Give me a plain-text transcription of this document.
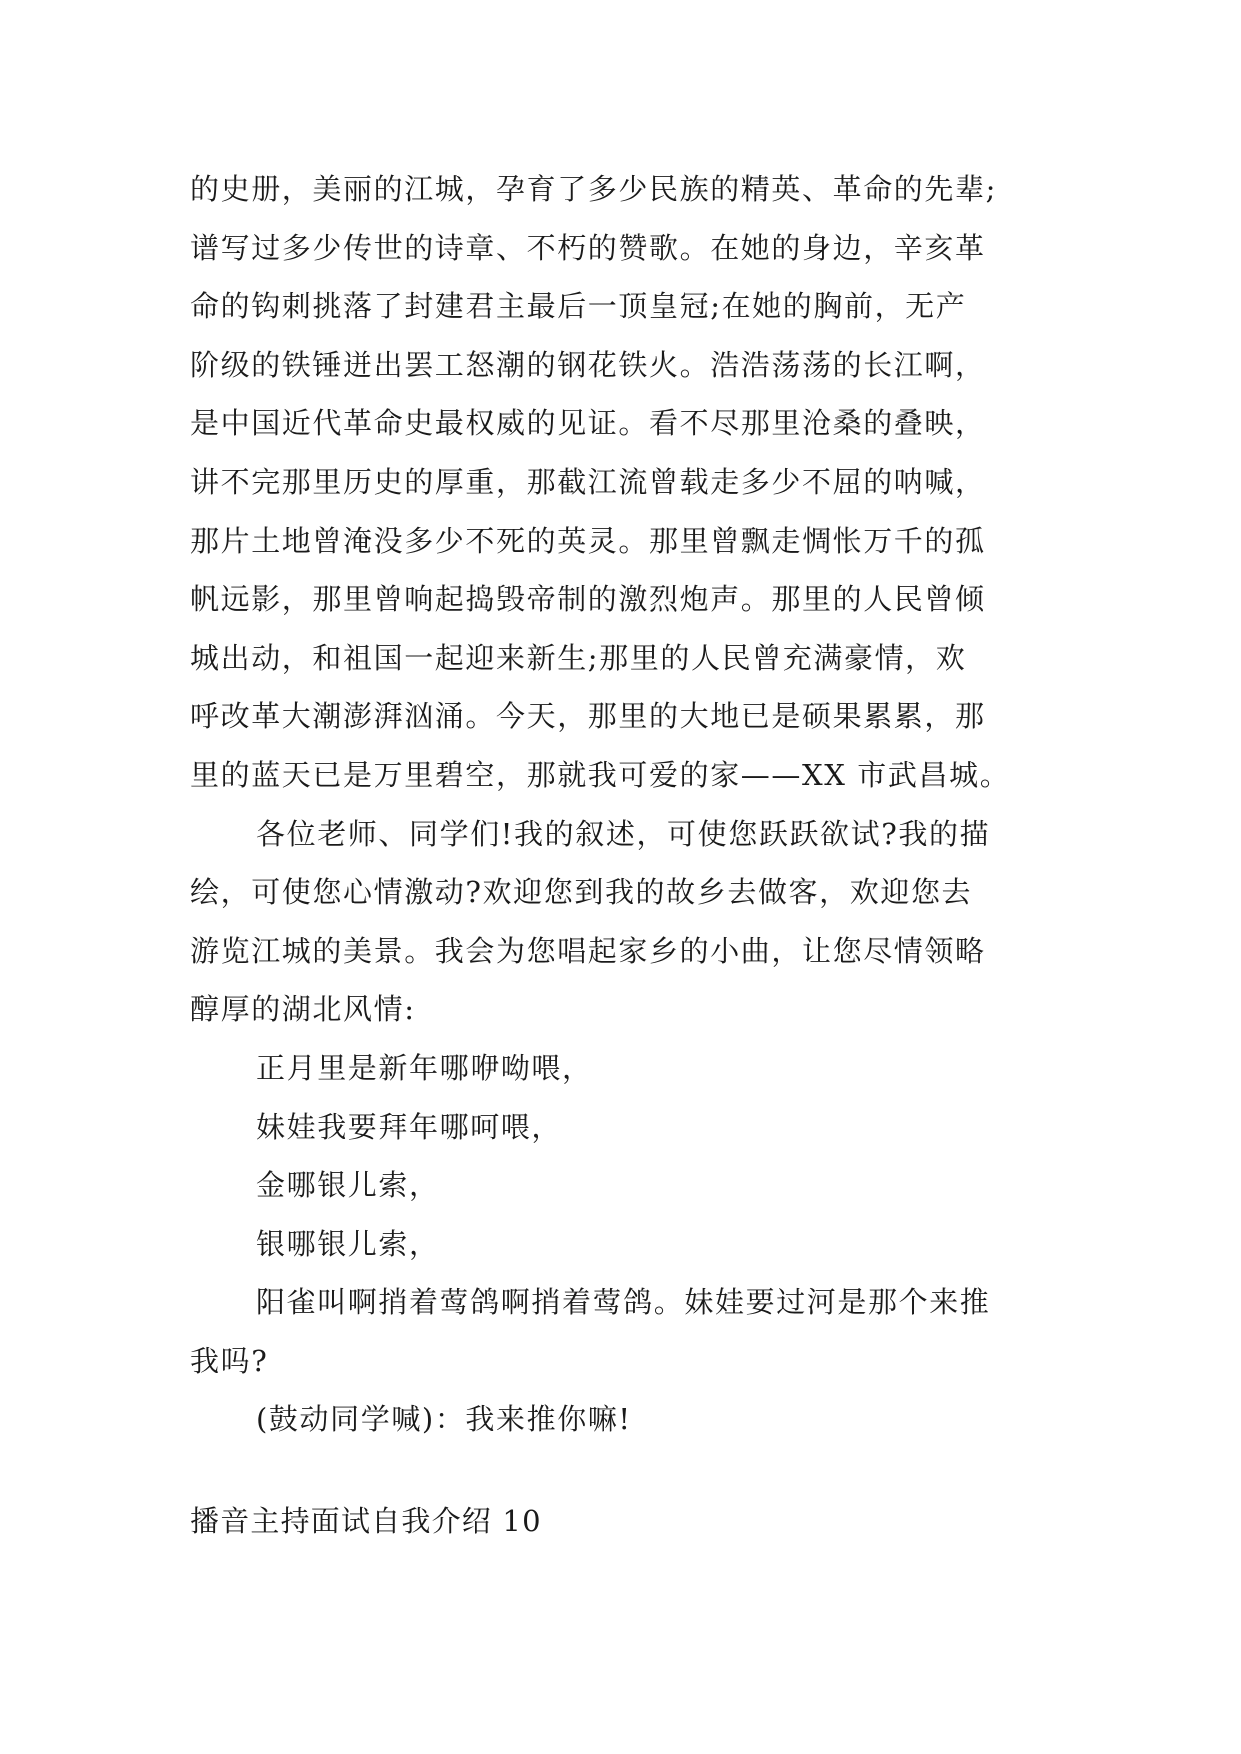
的史册，美丽的江城，孕育了多少民族的精英、革命的先辈;
谱写过多少传世的诗章、不朽的赞歌。在她的身边，辛亥革
命的钩刺挑落了封建君主最后一顶皇冠;在她的胸前，无产
阶级的铁锤迸出罢工怒潮的钢花铁火。浩浩荡荡的长江啊，
是中国近代革命史最权威的见证。看不尽那里沧桑的叠映，
讲不完那里历史的厚重，那截江流曾载走多少不屈的呐喊，
那片土地曾淹没多少不死的英灵。那里曾飘走惆怅万千的孤
帆远影，那里曾响起捣毁帝制的激烈炮声。那里的人民曾倾
城出动，和祖国一起迎来新生;那里的人民曾充满豪情，欢
呼改革大潮澎湃汹涌。今天，那里的大地已是硕果累累，那
里的蓝天已是万里碧空，那就我可爱的家——XX 市武昌城。
各位老师、同学们!我的叙述，可使您跃跃欲试?我的描
绘，可使您心情激动?欢迎您到我的故乡去做客，欢迎您去
游览江城的美景。我会为您唱起家乡的小曲，让您尽情领略
醇厚的湖北风情:
正月里是新年哪咿呦喂，
妹娃我要拜年哪呵喂，
金哪银儿索，
银哪银儿索，
阳雀叫啊捎着莺鸽啊捎着莺鸽。妹娃要过河是那个来推
我吗?
(鼓动同学喊)：我来推你嘛!
播音主持面试自我介绍 10
